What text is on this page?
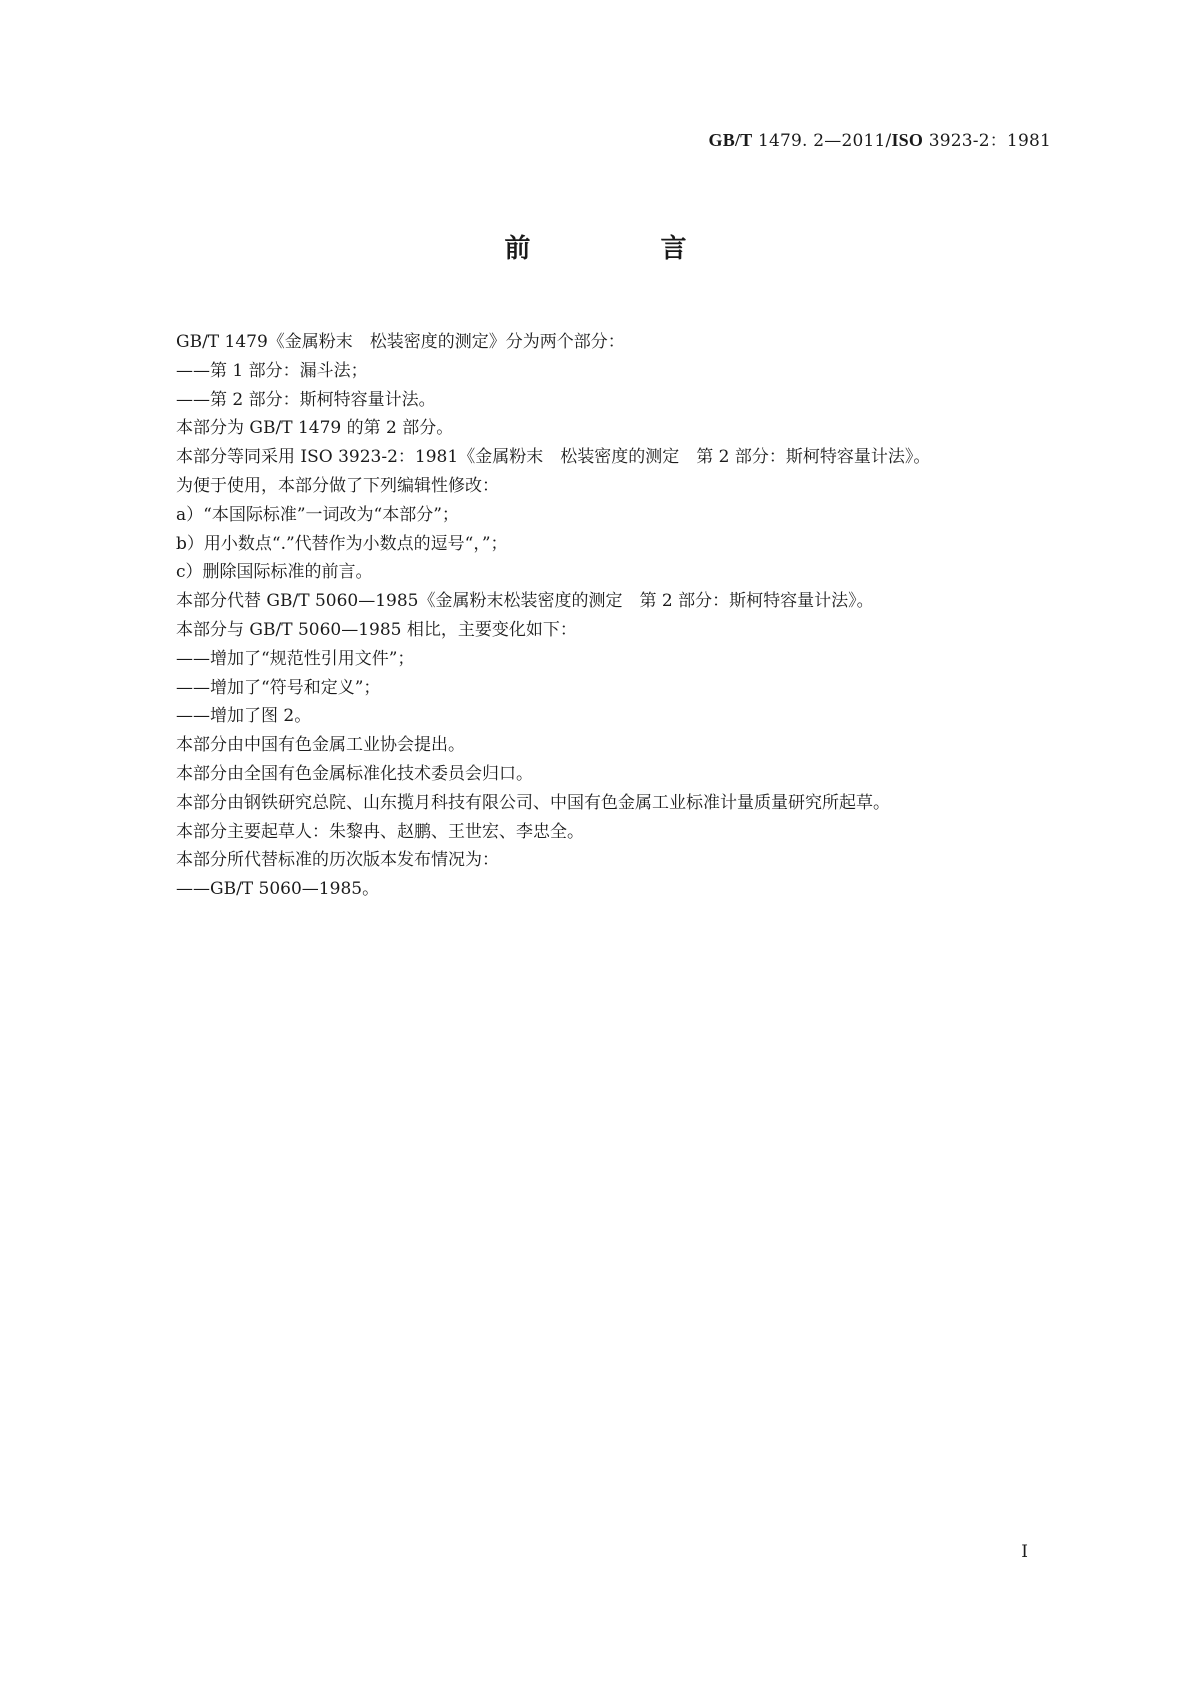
GB/T 1479. 2—2011/ISO 3923-2：1981
前　言
GB/T 1479《金属粉末　松装密度的测定》分为两个部分：
——第 1 部分：漏斗法；
——第 2 部分：斯柯特容量计法。
本部分为 GB/T 1479 的第 2 部分。
本部分等同采用 ISO 3923-2：1981《金属粉末　松装密度的测定　第 2 部分：斯柯特容量计法》。
为便于使用，本部分做了下列编辑性修改：
a）“本国际标准”一词改为“本部分”；
b）用小数点“.”代替作为小数点的逗号“，”；
c）删除国际标准的前言。
本部分代替 GB/T 5060—1985《金属粉末松装密度的测定　第 2 部分：斯柯特容量计法》。
本部分与 GB/T 5060—1985 相比，主要变化如下：
——增加了“规范性引用文件”；
——增加了“符号和定义”；
——增加了图 2。
本部分由中国有色金属工业协会提出。
本部分由全国有色金属标准化技术委员会归口。
本部分由钢铁研究总院、山东揽月科技有限公司、中国有色金属工业标准计量质量研究所起草。
本部分主要起草人：朱黎冉、赵鹏、王世宏、李忠全。
本部分所代替标准的历次版本发布情况为：
——GB/T 5060—1985。
I
